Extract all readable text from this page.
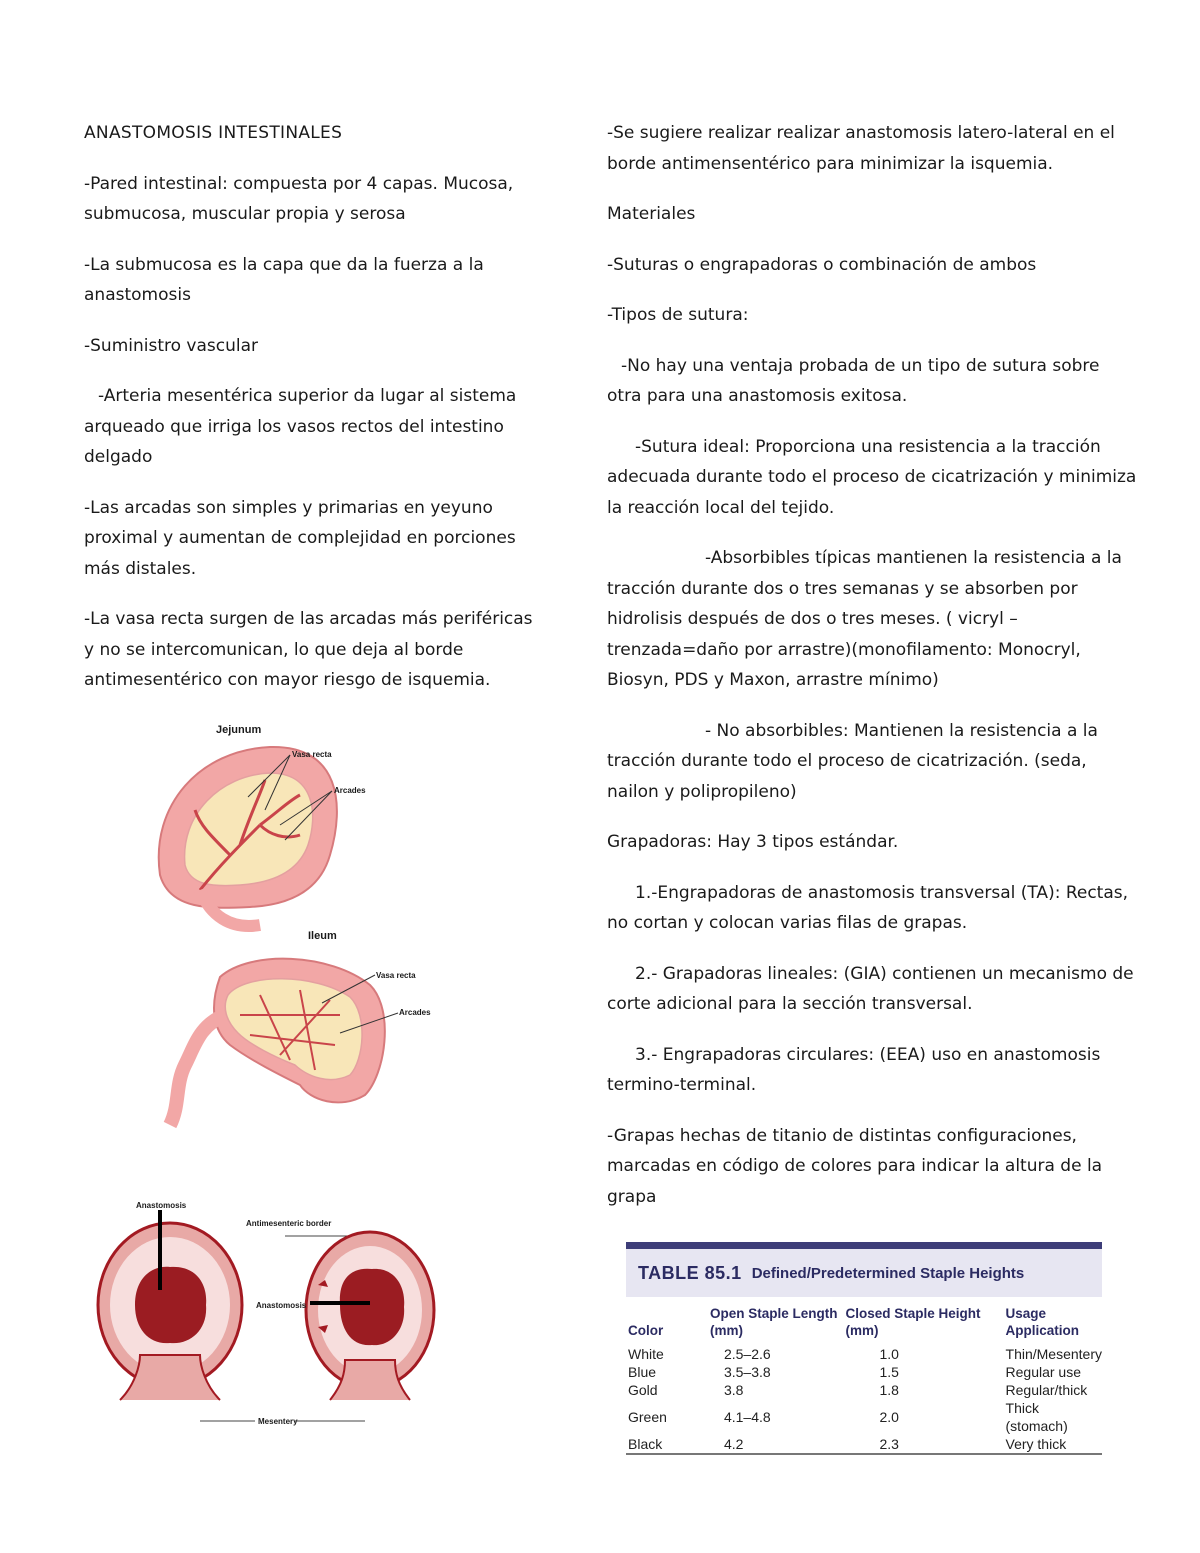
ANASTOMOSIS INTESTINALES

-Pared intestinal: compuesta por 4 capas. Mucosa, submucosa, muscular propia y serosa

-La submucosa es la capa que da la fuerza a la anastomosis

-Suministro vascular

-Arteria mesentérica superior da lugar al sistema arqueado que irriga los vasos rectos del intestino delgado

-Las arcadas son simples y primarias en yeyuno proximal y aumentan de complejidad en porciones más distales.

-La vasa recta surgen de las arcadas más periféricas y no se intercomunican, lo que deja al borde antimesentérico con mayor riesgo de isquemia.

Jejunum
Vasa recta
Arcades
Ileum
Vasa recta
Arcades
Anastomosis
Antimesenteric border
Anastomosis
Mesentery

-Se sugiere realizar realizar anastomosis latero-lateral en el borde antimensentérico para minimizar la isquemia.

Materiales

-Suturas o engrapadoras o combinación de ambos

-Tipos de sutura:

-No hay una ventaja probada de un tipo de sutura sobre otra para una anastomosis exitosa.

-Sutura ideal: Proporciona una resistencia a la tracción adecuada durante todo el proceso de cicatrización y minimiza la reacción local del tejido.

-Absorbibles típicas mantienen la resistencia a la tracción durante dos o tres semanas y se absorben por hidrolisis después de dos o tres meses. ( vicryl – trenzada=daño por arrastre)(monofilamento: Monocryl, Biosyn, PDS y Maxon, arrastre mínimo)

- No absorbibles: Mantienen la resistencia a la tracción durante todo el proceso de cicatrización. (seda, nailon y polipropileno)

Grapadoras: Hay 3 tipos estándar.

1.-Engrapadoras de anastomosis transversal (TA): Rectas, no cortan y colocan varias filas de grapas.

2.- Grapadoras lineales: (GIA) contienen un mecanismo de corte adicional para la sección transversal.

3.- Engrapadoras circulares: (EEA) uso en anastomosis termino-terminal.

-Grapas hechas de titanio de distintas configuraciones, marcadas en código de colores para indicar la altura de la grapa

TABLE 85.1 Defined/Predetermined Staple Heights
Color	Open Staple Length (mm)	Closed Staple Height (mm)	Usage Application
White	2.5–2.6	1.0	Thin/Mesentery
Blue	3.5–3.8	1.5	Regular use
Gold	3.8	1.8	Regular/thick
Green	4.1–4.8	2.0	Thick (stomach)
Black	4.2	2.3	Very thick
